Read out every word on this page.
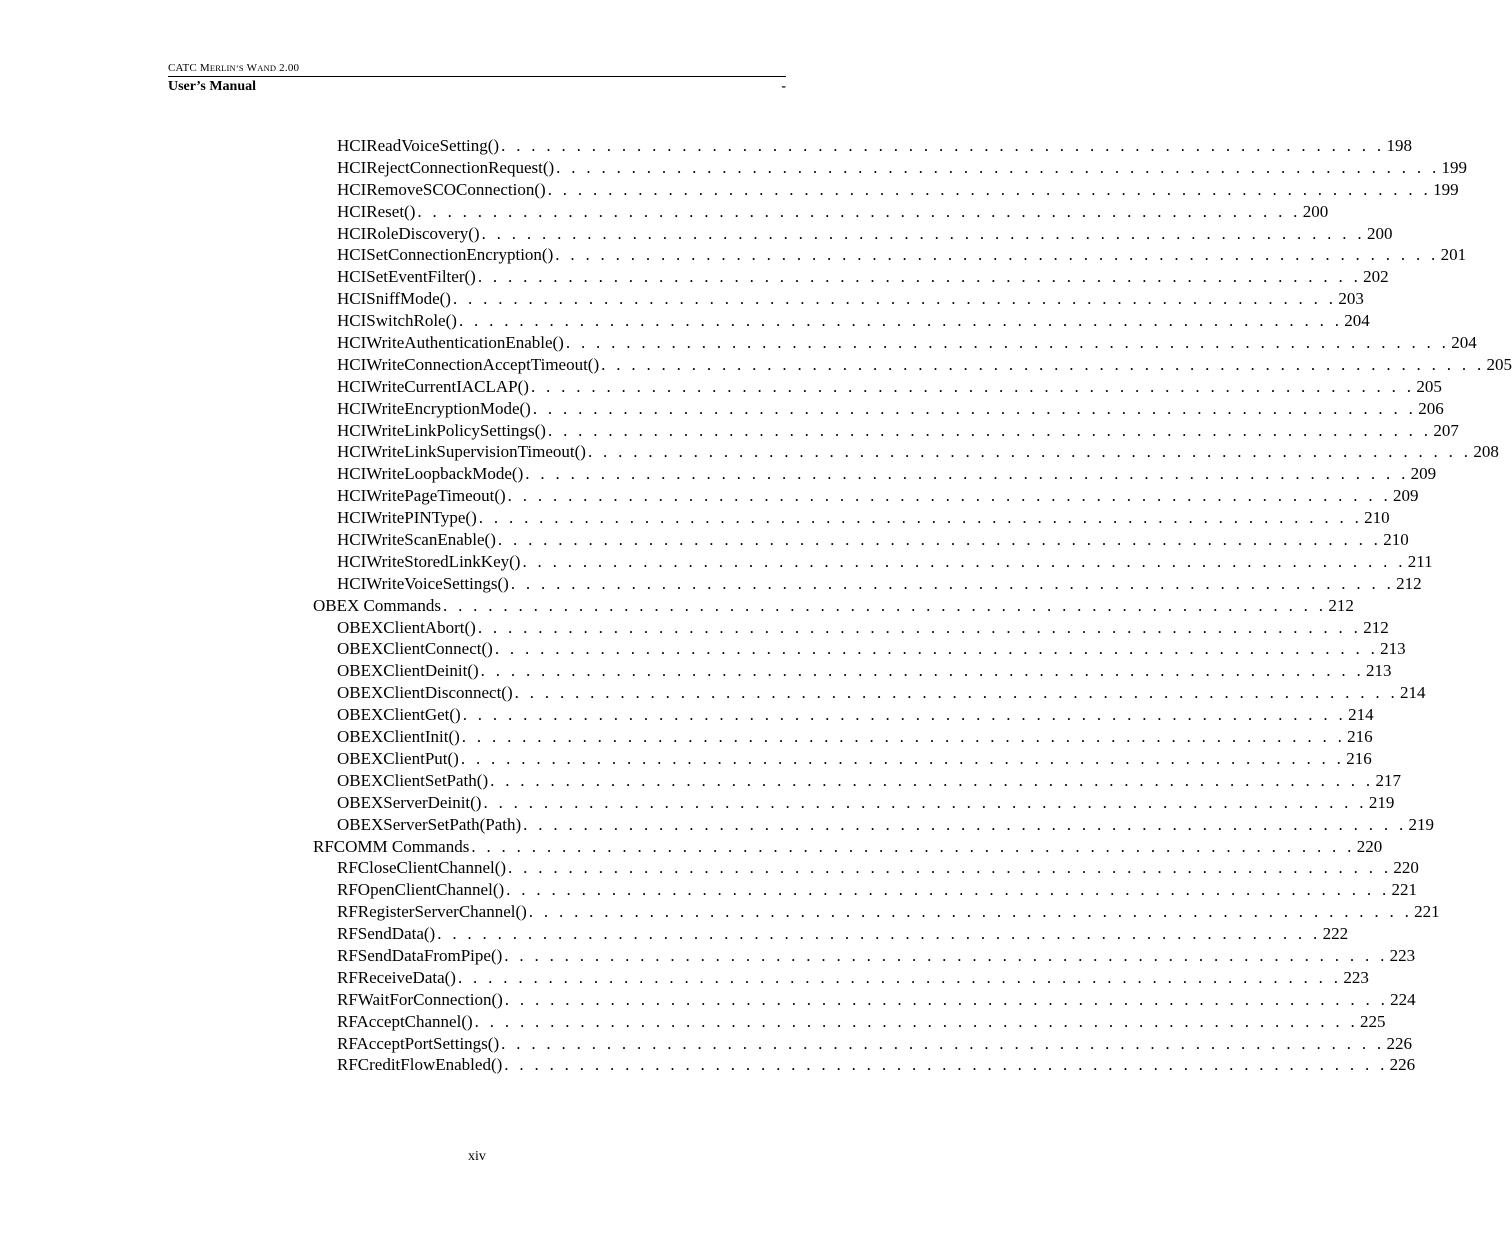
CATC MERLIN’S WAND 2.00
User’s Manual	-
HCIReadVoiceSetting() . . . . . . . . . . . . . . . . . . . . . . . . . . . . . . . . . . . . . . . . . . . . . . . . . . . . . . . . . . . 198
HCIRejectConnectionRequest() . . . . . . . . . . . . . . . . . . . . . . . . . . . . . . . . . . . . . . . . . . . . . . . . . . . . . . . . . . . 199
HCIRemoveSCOConnection() . . . . . . . . . . . . . . . . . . . . . . . . . . . . . . . . . . . . . . . . . . . . . . . . . . . . . . . . . . . 199
HCIReset() . . . . . . . . . . . . . . . . . . . . . . . . . . . . . . . . . . . . . . . . . . . . . . . . . . . . . . . . . . . 200
HCIRoleDiscovery() . . . . . . . . . . . . . . . . . . . . . . . . . . . . . . . . . . . . . . . . . . . . . . . . . . . . . . . . . . . 200
HCISetConnectionEncryption() . . . . . . . . . . . . . . . . . . . . . . . . . . . . . . . . . . . . . . . . . . . . . . . . . . . . . . . . . . . 201
HCISetEventFilter() . . . . . . . . . . . . . . . . . . . . . . . . . . . . . . . . . . . . . . . . . . . . . . . . . . . . . . . . . . . 202
HCISniffMode() . . . . . . . . . . . . . . . . . . . . . . . . . . . . . . . . . . . . . . . . . . . . . . . . . . . . . . . . . . . 203
HCISwitchRole() . . . . . . . . . . . . . . . . . . . . . . . . . . . . . . . . . . . . . . . . . . . . . . . . . . . . . . . . . . . 204
HCIWriteAuthenticationEnable() . . . . . . . . . . . . . . . . . . . . . . . . . . . . . . . . . . . . . . . . . . . . . . . . . . . . . . . . . . . 204
HCIWriteConnectionAcceptTimeout() . . . . . . . . . . . . . . . . . . . . . . . . . . . . . . . . . . . . . . . . . . . . . . . . . . . . . . . . . . . 205
HCIWriteCurrentIACLAP() . . . . . . . . . . . . . . . . . . . . . . . . . . . . . . . . . . . . . . . . . . . . . . . . . . . . . . . . . . . 205
HCIWriteEncryptionMode() . . . . . . . . . . . . . . . . . . . . . . . . . . . . . . . . . . . . . . . . . . . . . . . . . . . . . . . . . . . 206
HCIWriteLinkPolicySettings() . . . . . . . . . . . . . . . . . . . . . . . . . . . . . . . . . . . . . . . . . . . . . . . . . . . . . . . . . . . 207
HCIWriteLinkSupervisionTimeout() . . . . . . . . . . . . . . . . . . . . . . . . . . . . . . . . . . . . . . . . . . . . . . . . . . . . . . . . . . . 208
HCIWriteLoopbackMode() . . . . . . . . . . . . . . . . . . . . . . . . . . . . . . . . . . . . . . . . . . . . . . . . . . . . . . . . . . . 209
HCIWritePageTimeout() . . . . . . . . . . . . . . . . . . . . . . . . . . . . . . . . . . . . . . . . . . . . . . . . . . . . . . . . . . . 209
HCIWritePINType() . . . . . . . . . . . . . . . . . . . . . . . . . . . . . . . . . . . . . . . . . . . . . . . . . . . . . . . . . . . 210
HCIWriteScanEnable() . . . . . . . . . . . . . . . . . . . . . . . . . . . . . . . . . . . . . . . . . . . . . . . . . . . . . . . . . . . 210
HCIWriteStoredLinkKey() . . . . . . . . . . . . . . . . . . . . . . . . . . . . . . . . . . . . . . . . . . . . . . . . . . . . . . . . . . . 211
HCIWriteVoiceSettings() . . . . . . . . . . . . . . . . . . . . . . . . . . . . . . . . . . . . . . . . . . . . . . . . . . . . . . . . . . . 212
OBEX Commands . . . . . . . . . . . . . . . . . . . . . . . . . . . . . . . . . . . . . . . . . . . . . . . . . . . . . . . . . . . 212
OBEXClientAbort() . . . . . . . . . . . . . . . . . . . . . . . . . . . . . . . . . . . . . . . . . . . . . . . . . . . . . . . . . . . 212
OBEXClientConnect() . . . . . . . . . . . . . . . . . . . . . . . . . . . . . . . . . . . . . . . . . . . . . . . . . . . . . . . . . . . 213
OBEXClientDeinit() . . . . . . . . . . . . . . . . . . . . . . . . . . . . . . . . . . . . . . . . . . . . . . . . . . . . . . . . . . . 213
OBEXClientDisconnect() . . . . . . . . . . . . . . . . . . . . . . . . . . . . . . . . . . . . . . . . . . . . . . . . . . . . . . . . . . . 214
OBEXClientGet() . . . . . . . . . . . . . . . . . . . . . . . . . . . . . . . . . . . . . . . . . . . . . . . . . . . . . . . . . . . 214
OBEXClientInit() . . . . . . . . . . . . . . . . . . . . . . . . . . . . . . . . . . . . . . . . . . . . . . . . . . . . . . . . . . . 216
OBEXClientPut() . . . . . . . . . . . . . . . . . . . . . . . . . . . . . . . . . . . . . . . . . . . . . . . . . . . . . . . . . . . 216
OBEXClientSetPath() . . . . . . . . . . . . . . . . . . . . . . . . . . . . . . . . . . . . . . . . . . . . . . . . . . . . . . . . . . . 217
OBEXServerDeinit() . . . . . . . . . . . . . . . . . . . . . . . . . . . . . . . . . . . . . . . . . . . . . . . . . . . . . . . . . . . 219
OBEXServerSetPath(Path) . . . . . . . . . . . . . . . . . . . . . . . . . . . . . . . . . . . . . . . . . . . . . . . . . . . . . . . . . . . 219
RFCOMM Commands . . . . . . . . . . . . . . . . . . . . . . . . . . . . . . . . . . . . . . . . . . . . . . . . . . . . . . . . . . . 220
RFCloseClientChannel() . . . . . . . . . . . . . . . . . . . . . . . . . . . . . . . . . . . . . . . . . . . . . . . . . . . . . . . . . . . 220
RFOpenClientChannel() . . . . . . . . . . . . . . . . . . . . . . . . . . . . . . . . . . . . . . . . . . . . . . . . . . . . . . . . . . . 221
RFRegisterServerChannel() . . . . . . . . . . . . . . . . . . . . . . . . . . . . . . . . . . . . . . . . . . . . . . . . . . . . . . . . . . . 221
RFSendData() . . . . . . . . . . . . . . . . . . . . . . . . . . . . . . . . . . . . . . . . . . . . . . . . . . . . . . . . . . . 222
RFSendDataFromPipe() . . . . . . . . . . . . . . . . . . . . . . . . . . . . . . . . . . . . . . . . . . . . . . . . . . . . . . . . . . . 223
RFReceiveData() . . . . . . . . . . . . . . . . . . . . . . . . . . . . . . . . . . . . . . . . . . . . . . . . . . . . . . . . . . . 223
RFWaitForConnection() . . . . . . . . . . . . . . . . . . . . . . . . . . . . . . . . . . . . . . . . . . . . . . . . . . . . . . . . . . . 224
RFAcceptChannel() . . . . . . . . . . . . . . . . . . . . . . . . . . . . . . . . . . . . . . . . . . . . . . . . . . . . . . . . . . . 225
RFAcceptPortSettings() . . . . . . . . . . . . . . . . . . . . . . . . . . . . . . . . . . . . . . . . . . . . . . . . . . . . . . . . . . . 226
RFCreditFlowEnabled() . . . . . . . . . . . . . . . . . . . . . . . . . . . . . . . . . . . . . . . . . . . . . . . . . . . . . . . . . . . 226
xiv
